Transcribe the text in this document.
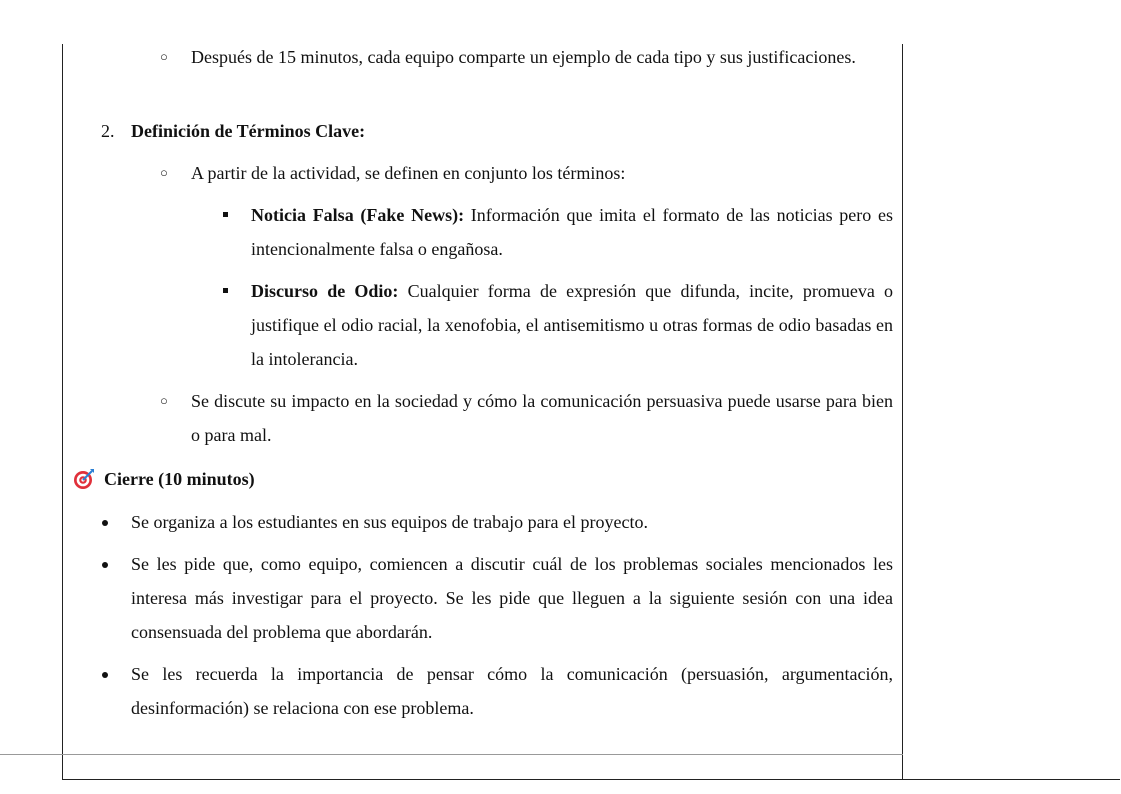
○ Después de 15 minutos, cada equipo comparte un ejemplo de cada tipo y sus justificaciones.
2. Definición de Términos Clave:
○ A partir de la actividad, se definen en conjunto los términos:
Noticia Falsa (Fake News): Información que imita el formato de las noticias pero es intencionalmente falsa o engañosa.
Discurso de Odio: Cualquier forma de expresión que difunda, incite, promueva o justifique el odio racial, la xenofobia, el antisemitismo u otras formas de odio basadas en la intolerancia.
○ Se discute su impacto en la sociedad y cómo la comunicación persuasiva puede usarse para bien o para mal.
Cierre (10 minutos)
Se organiza a los estudiantes en sus equipos de trabajo para el proyecto.
Se les pide que, como equipo, comiencen a discutir cuál de los problemas sociales mencionados les interesa más investigar para el proyecto. Se les pide que lleguen a la siguiente sesión con una idea consensuada del problema que abordarán.
Se les recuerda la importancia de pensar cómo la comunicación (persuasión, argumentación, desinformación) se relaciona con ese problema.
